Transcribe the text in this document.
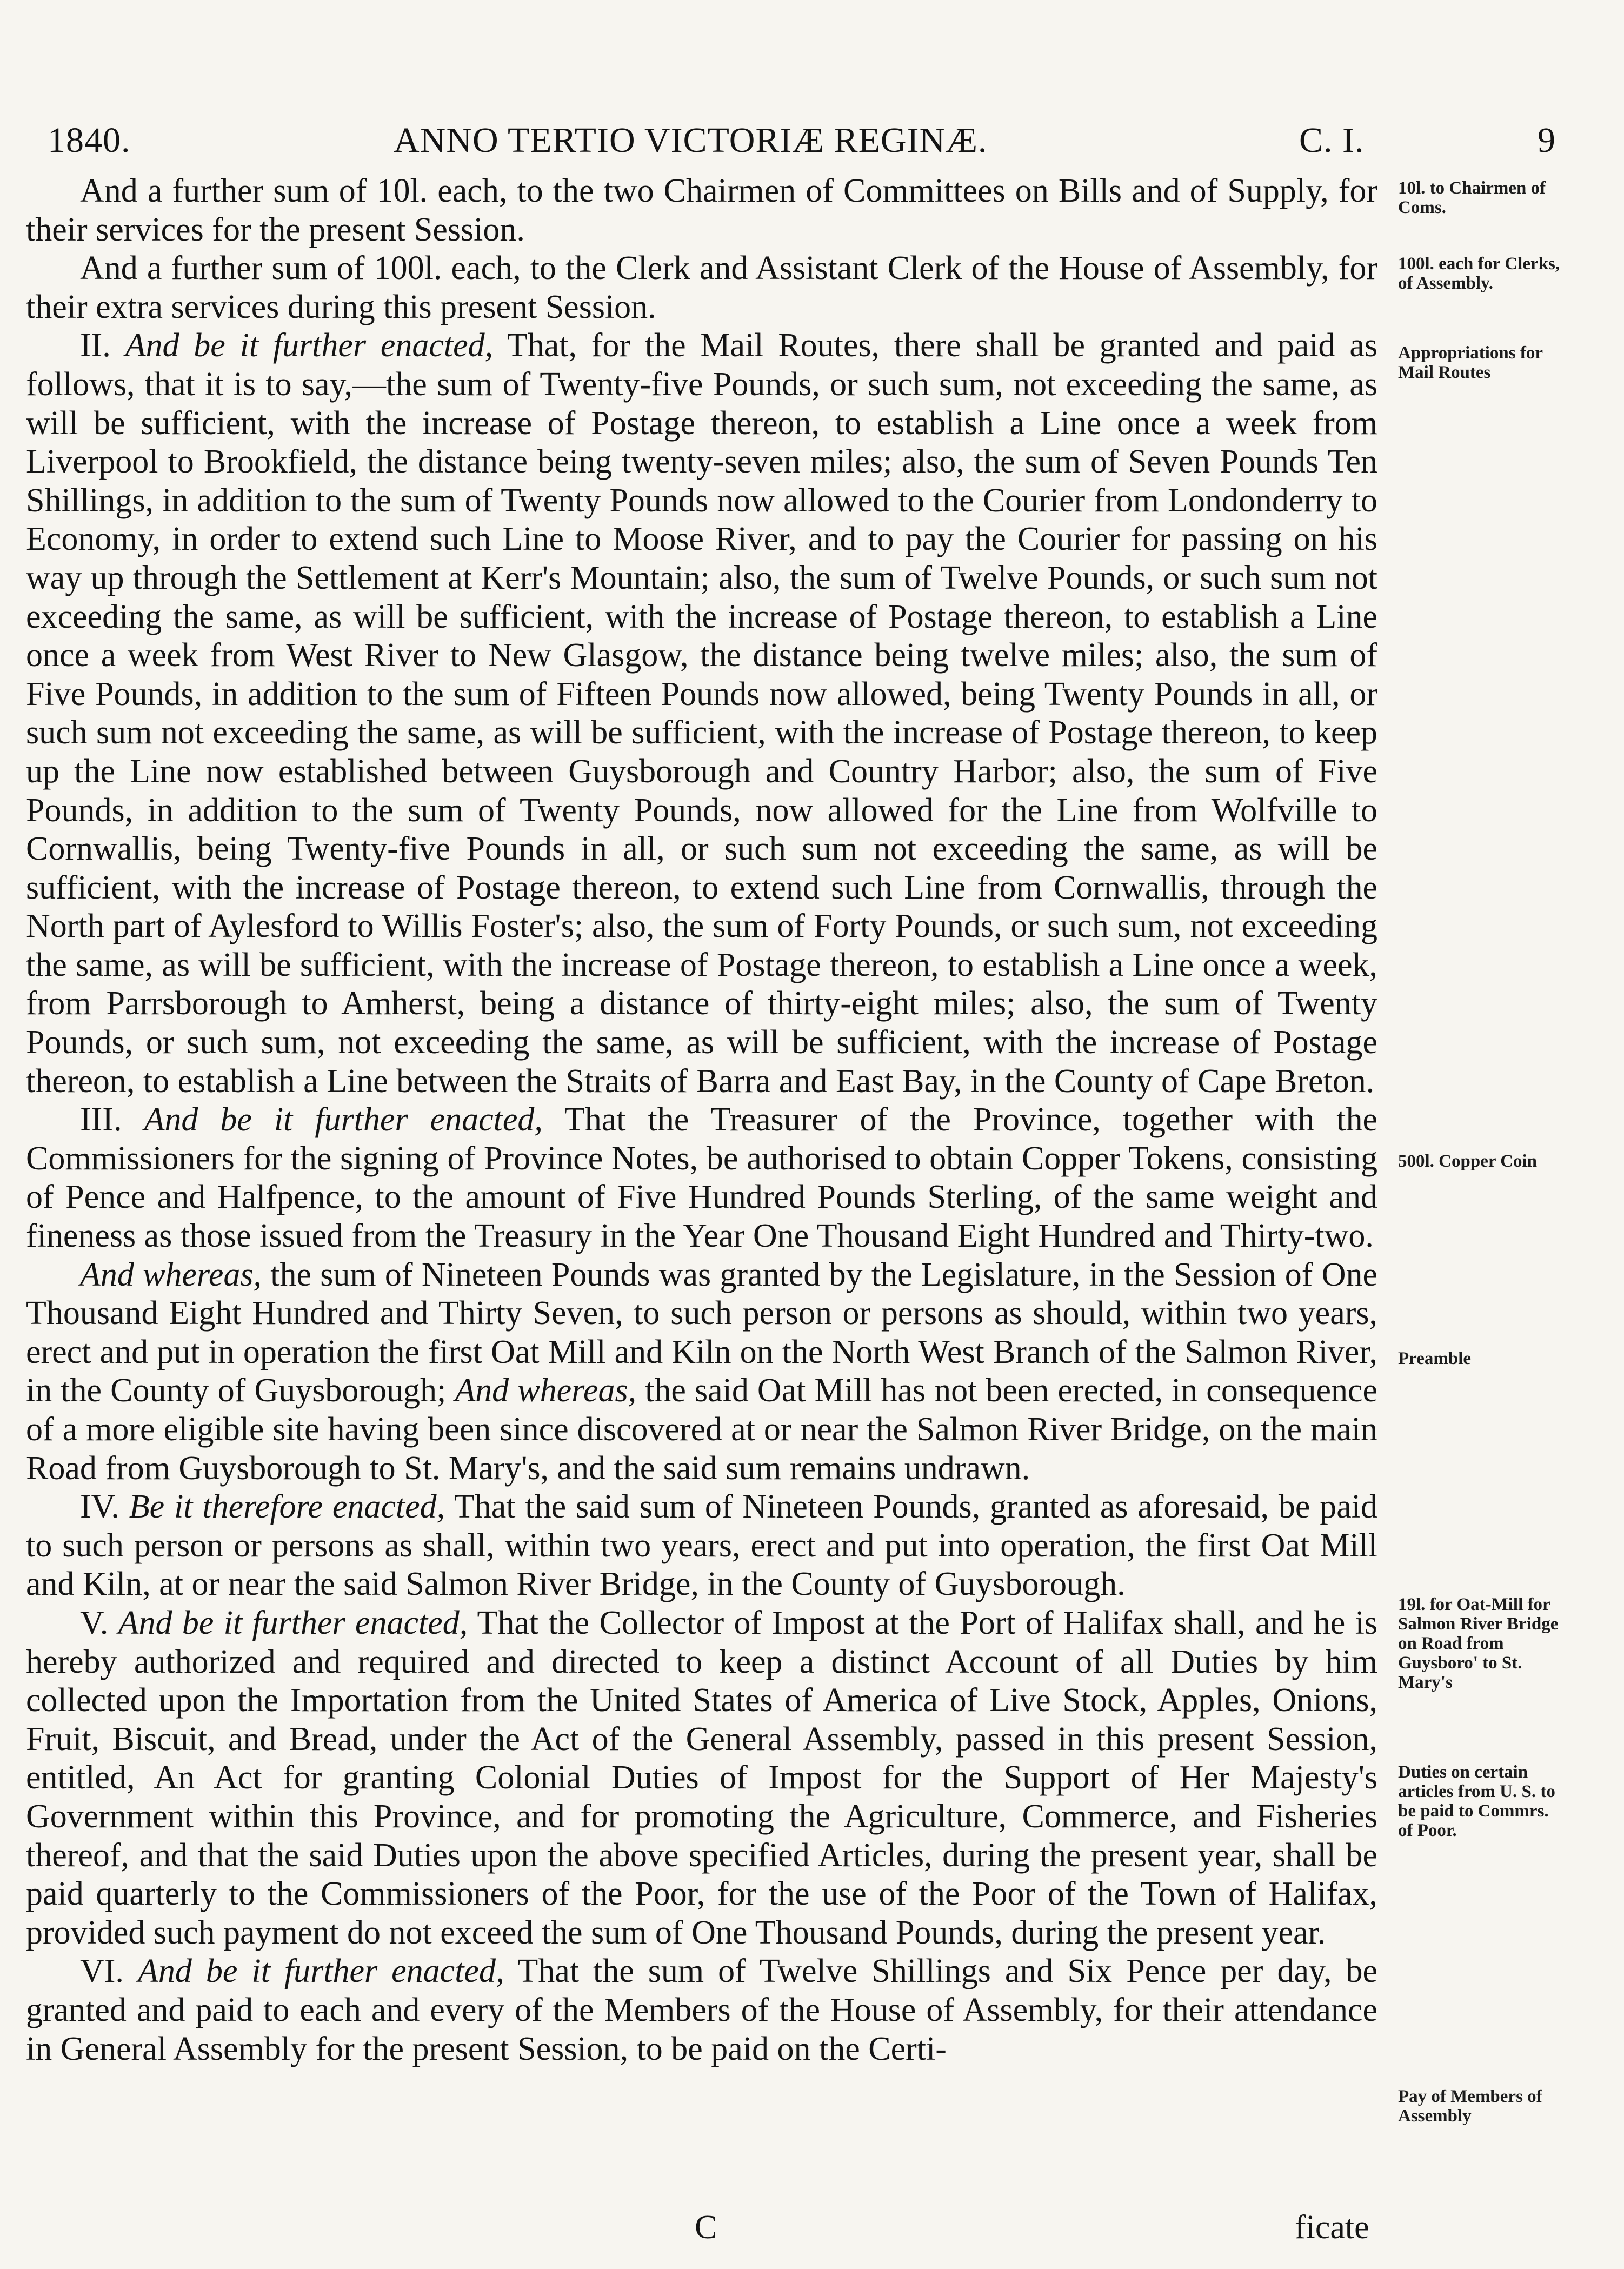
1840.	ANNO TERTIO VICTORIÆ REGINÆ.	C. I.	9

And a further sum of 10l. each, to the two Chairmen of Committees on Bills and of Supply, for their services for the present Session.

And a further sum of 100l. each, to the Clerk and Assistant Clerk of the House of Assembly, for their extra services during this present Session.

II. And be it further enacted, That, for the Mail Routes, there shall be granted and paid as follows, that it is to say,—the sum of Twenty-five Pounds, or such sum, not exceeding the same, as will be sufficient, with the increase of Postage thereon, to establish a Line once a week from Liverpool to Brookfield, the distance being twenty-seven miles; also, the sum of Seven Pounds Ten Shillings, in addition to the sum of Twenty Pounds now allowed to the Courier from Londonderry to Economy, in order to extend such Line to Moose River, and to pay the Courier for passing on his way up through the Settlement at Kerr's Mountain; also, the sum of Twelve Pounds, or such sum not exceeding the same, as will be sufficient, with the increase of Postage thereon, to establish a Line once a week from West River to New Glasgow, the distance being twelve miles; also, the sum of Five Pounds, in addition to the sum of Fifteen Pounds now allowed, being Twenty Pounds in all, or such sum not exceeding the same, as will be sufficient, with the increase of Postage thereon, to keep up the Line now established between Guysborough and Country Harbor; also, the sum of Five Pounds, in addition to the sum of Twenty Pounds, now allowed for the Line from Wolfville to Cornwallis, being Twenty-five Pounds in all, or such sum not exceeding the same, as will be sufficient, with the increase of Postage thereon, to extend such Line from Cornwallis, through the North part of Aylesford to Willis Foster's; also, the sum of Forty Pounds, or such sum, not exceeding the same, as will be sufficient, with the increase of Postage thereon, to establish a Line once a week, from Parrsborough to Amherst, being a distance of thirty-eight miles; also, the sum of Twenty Pounds, or such sum, not exceeding the same, as will be sufficient, with the increase of Postage thereon, to establish a Line between the Straits of Barra and East Bay, in the County of Cape Breton.

III. And be it further enacted, That the Treasurer of the Province, together with the Commissioners for the signing of Province Notes, be authorised to obtain Copper Tokens, consisting of Pence and Halfpence, to the amount of Five Hundred Pounds Sterling, of the same weight and fineness as those issued from the Treasury in the Year One Thousand Eight Hundred and Thirty-two.

And whereas, the sum of Nineteen Pounds was granted by the Legislature, in the Session of One Thousand Eight Hundred and Thirty Seven, to such person or persons as should, within two years, erect and put in operation the first Oat Mill and Kiln on the North West Branch of the Salmon River, in the County of Guysborough; And whereas, the said Oat Mill has not been erected, in consequence of a more eligible site having been since discovered at or near the Salmon River Bridge, on the main Road from Guysborough to St. Mary's, and the said sum remains undrawn.

IV. Be it therefore enacted, That the said sum of Nineteen Pounds, granted as aforesaid, be paid to such person or persons as shall, within two years, erect and put into operation, the first Oat Mill and Kiln, at or near the said Salmon River Bridge, in the County of Guysborough.

V. And be it further enacted, That the Collector of Impost at the Port of Halifax shall, and he is hereby authorized and required and directed to keep a distinct Account of all Duties by him collected upon the Importation from the United States of America of Live Stock, Apples, Onions, Fruit, Biscuit, and Bread, under the Act of the General Assembly, passed in this present Session, entitled, An Act for granting Colonial Duties of Impost for the Support of Her Majesty's Government within this Province, and for promoting the Agriculture, Commerce, and Fisheries thereof, and that the said Duties upon the above specified Articles, during the present year, shall be paid quarterly to the Commissioners of the Poor, for the use of the Poor of the Town of Halifax, provided such payment do not exceed the sum of One Thousand Pounds, during the present year.

VI. And be it further enacted, That the sum of Twelve Shillings and Six Pence per day, be granted and paid to each and every of the Members of the House of Assembly, for their attendance in General Assembly for the present Session, to be paid on the Certi-

10l. to Chairmen of Coms.
100l. each for Clerks, of Assembly.
Appropriations for Mail Routes
500l. Copper Coin
Preamble
19l. for Oat-Mill for Salmon River Bridge on Road from Guysboro' to St. Mary's
Duties on certain articles from U. S. to be paid to Commrs. of Poor.
Pay of Members of Assembly
C	ficate
